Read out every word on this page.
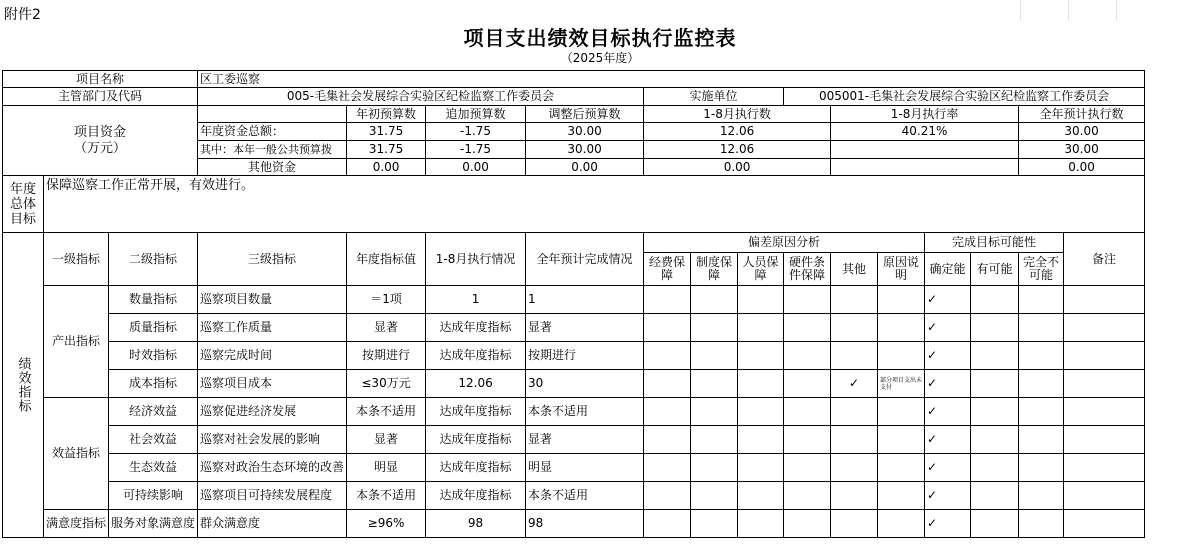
附件2
项目支出绩效目标执行监控表
（2025年度）
项目名称			区工委巡察													
主管部门及代码			005-毛集社会发展综合实验区纪检监察工作委员会				实施单位			005001-毛集社会发展综合实验区纪检监察工作委员会						
项目资金
（万元）				年初预算数	追加预算数	调整后预算数	1-8月执行数				1-8月执行率				全年预计执行数	
			年度资金总额：	31.75	-1.75	30.00	12.06				40.21%				30.00	
			其中：本年一般公共预算拨	31.75	-1.75	30.00	12.06								30.00	
			其他资金	0.00	0.00	0.00	0.00								0.00	
年度总体目标	保障巡察工作正常开展，有效进行。															

绩效指标	一级指标	二级指标	三级指标	年度指标值	1-8月执行情况	全年预计完成情况	偏差原因分析						完成目标可能性			备注
							经费保障	制度保障	人员保障	硬件条件保障	其他	原因说明	确定能	有可能	完全不可能	
	产出指标	数量指标	巡察项目数量	＝1项	1	1							✓			
		质量指标	巡察工作质量	显著	达成年度指标	显著							✓			
		时效指标	巡察完成时间	按期进行	达成年度指标	按期进行							✓			
		成本指标	巡察项目成本	≤30万元	12.06	30					✓	部分项目支出未支付	✓			
	效益指标	经济效益	巡察促进经济发展	本条不适用	达成年度指标	本条不适用							✓			
		社会效益	巡察对社会发展的影响	显著	达成年度指标	显著							✓			
		生态效益	巡察对政治生态环境的改善	明显	达成年度指标	明显							✓			
		可持续影响	巡察项目可持续发展程度	本条不适用	达成年度指标	本条不适用							✓			
	满意度指标	服务对象满意度	群众满意度	≥96%	98	98							✓			
